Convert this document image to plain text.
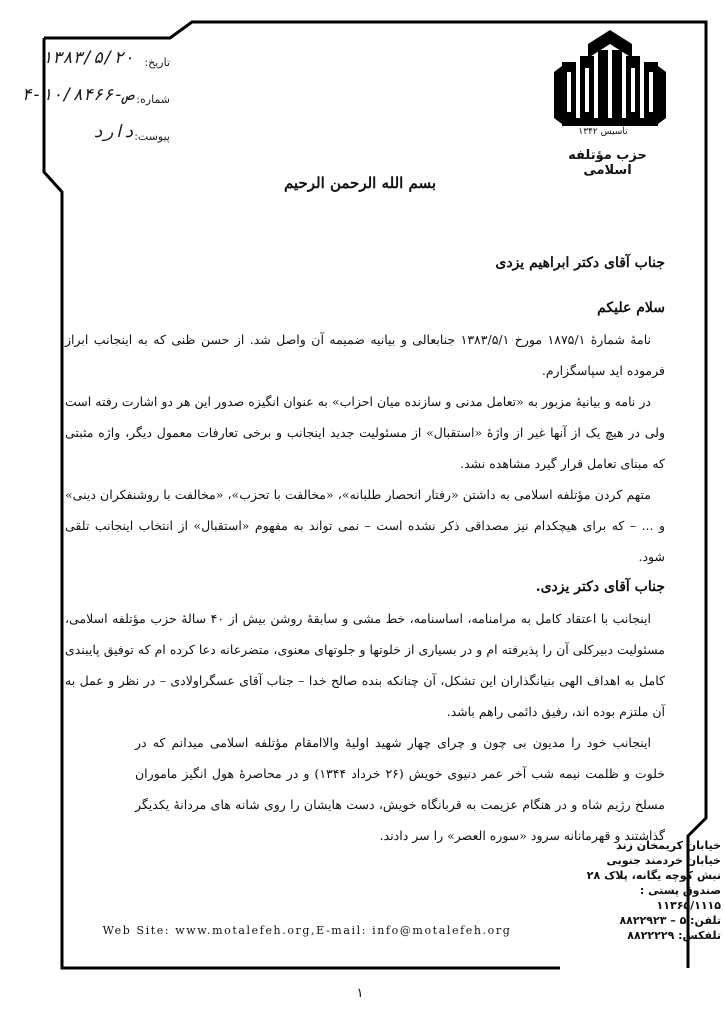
تاریخ:
۱۳۸۳/۵/۲۰
شماره:
۴-ص-۱۰/۸۴۶۶
پیوست:
دارد	تأسیس ۱۳۴۲
حزب مؤتلفه اسلامی
بسم الله الرحمن الرحیم

جناب آقای دکتر ابراهیم یزدی

سلام علیکم

نامهٔ شمارهٔ ۱۸۷۵/۱ مورخ ۱۳۸۳/۵/۱ جنابعالی و بیانیه ضمیمه آن واصل شد. از حسن ظنی که به اینجانب ابراز فرموده اید سپاسگزارم.

در نامه و بیانیهٔ مزبور به «تعامل مدنی و سازنده میان احزاب» به عنوان انگیزه صدور این هر دو اشارت رفته است ولی در هیچ یک از آنها غیر از واژهٔ «استقبال» از مسئولیت جدید اینجانب و برخی تعارفات معمول دیگر، واژه مثبتی که مبنای تعامل قرار گیرد مشاهده نشد.

متهم کردن مؤتلفه اسلامی به داشتن «رفتار انحصار طلبانه»، «مخالفت با تحزب»، «مخالفت با روشنفکران دینی» و ... – که برای هیچکدام نیز مصداقی ذکر نشده است – نمی تواند به مفهوم «استقبال» از انتخاب اینجانب تلقی شود.

جناب آقای دکتر یزدی.

اینجانب با اعتقاد کامل به مرامنامه، اساسنامه، خط مشی و سابقهٔ روشن بیش از ۴۰ سالهٔ حزب مؤتلفه اسلامی، مسئولیت دبیرکلی آن را پذیرفته ام و در بسیاری از خلوتها و جلوتهای معنوی، متضرعانه دعا کرده ام که توفیق پایبندی کامل به اهداف الهی بنیانگذاران این تشکل، آن چنانکه بنده صالح خدا – جناب آقای عسگراولادی – در نظر و عمل به آن ملتزم بوده اند، رفیق دائمی راهم باشد.

اینجانب خود را مدیون بی چون و چرای چهار شهید اولیهٔ والاامقام مؤتلفه اسلامی میدانم که در خلوت و ظلمت نیمه شب آخر عمر دنیوی خویش (۲۶ خرداد ۱۳۴۴) و در محاصرهٔ هول انگیز ماموران مسلح رژیم شاه و در هنگام عزیمت به قربانگاه خویش، دست هایشان را روی شانه های مردانهٔ یکدیگر گذاشتند و قهرمانانه سرود «سوره العصر» را سر دادند.

خیابان کریمخان زند
خیابان خردمند جنوبی
نبش کوچه یگانه، پلاک ۲۸
صندوق پستی :
۱۱۳۶۵/۱۱۱۵
تلفن: ۵ – ۸۸۲۲۹۲۳
تلفکس: ۸۸۲۲۲۲۹
Web Site: www.motalefeh.org,E-mail: info@motalefeh.org
۱
